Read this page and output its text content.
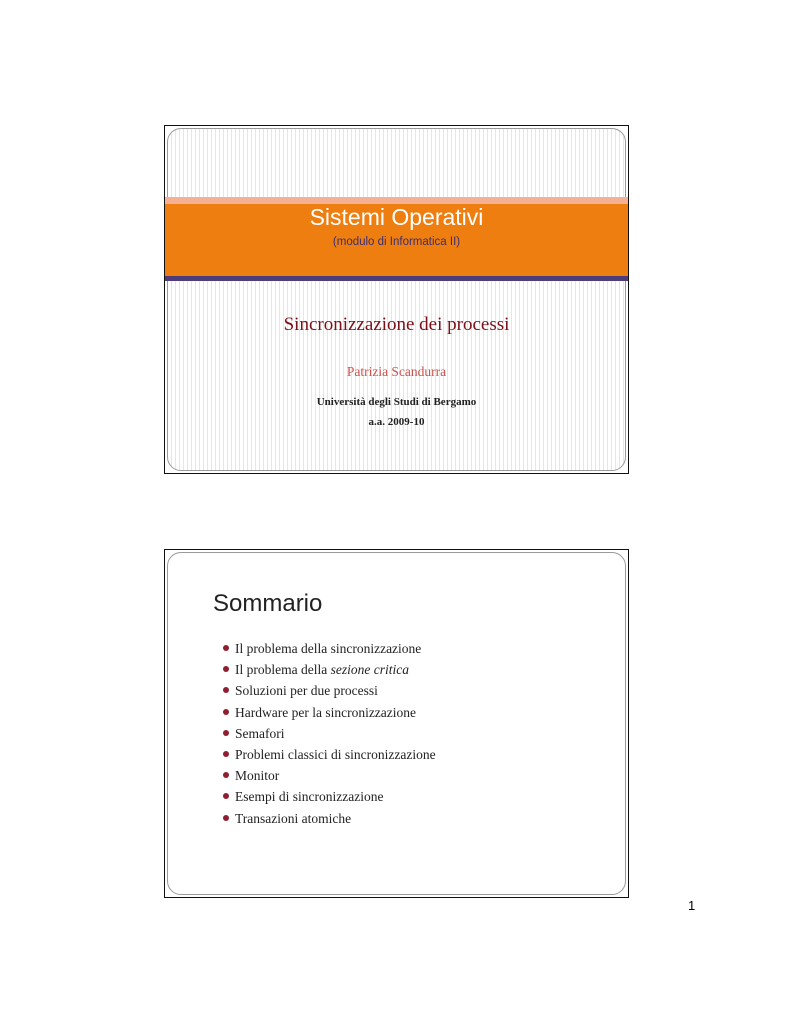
Sistemi Operativi
(modulo di Informatica II)
Sincronizzazione dei processi
Patrizia Scandurra
Università degli Studi di Bergamo
a.a. 2009-10
Sommario
Il problema della sincronizzazione
Il problema della sezione critica
Soluzioni per due processi
Hardware per la sincronizzazione
Semafori
Problemi classici di sincronizzazione
Monitor
Esempi di sincronizzazione
Transazioni atomiche
1
